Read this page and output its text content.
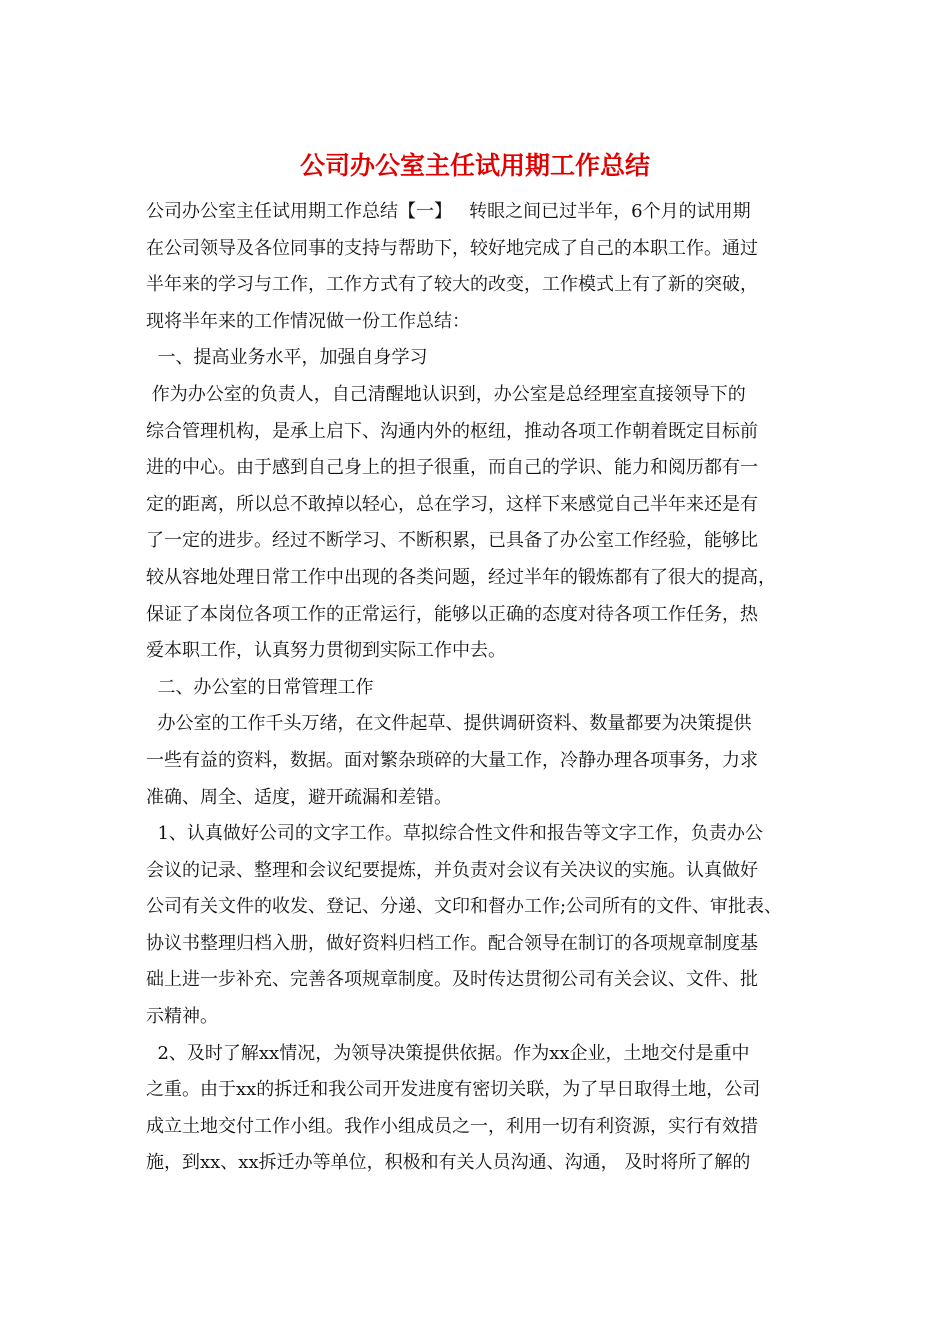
公司办公室主任试用期工作总结
公司办公室主任试用期工作总结【一】   转眼之间已过半年，6个月的试用期
在公司领导及各位同事的支持与帮助下，较好地完成了自己的本职工作。通过
半年来的学习与工作，工作方式有了较大的改变，工作模式上有了新的突破，
现将半年来的工作情况做一份工作总结：
一、提高业务水平，加强自身学习
作为办公室的负责人，自己清醒地认识到，办公室是总经理室直接领导下的
综合管理机构，是承上启下、沟通内外的枢纽，推动各项工作朝着既定目标前
进的中心。由于感到自己身上的担子很重，而自己的学识、能力和阅历都有一
定的距离，所以总不敢掉以轻心，总在学习，这样下来感觉自己半年来还是有
了一定的进步。经过不断学习、不断积累，已具备了办公室工作经验，能够比
较从容地处理日常工作中出现的各类问题，经过半年的锻炼都有了很大的提高，
保证了本岗位各项工作的正常运行，能够以正确的态度对待各项工作任务，热
爱本职工作，认真努力贯彻到实际工作中去。
二、办公室的日常管理工作
办公室的工作千头万绪，在文件起草、提供调研资料、数量都要为决策提供
一些有益的资料，数据。面对繁杂琐碎的大量工作，冷静办理各项事务，力求
准确、周全、适度，避开疏漏和差错。
1、认真做好公司的文字工作。草拟综合性文件和报告等文字工作，负责办公
会议的记录、整理和会议纪要提炼，并负责对会议有关决议的实施。认真做好
公司有关文件的收发、登记、分递、文印和督办工作;公司所有的文件、审批表、
协议书整理归档入册，做好资料归档工作。配合领导在制订的各项规章制度基
础上进一步补充、完善各项规章制度。及时传达贯彻公司有关会议、文件、批
示精神。
2、及时了解xx情况，为领导决策提供依据。作为xx企业，土地交付是重中
之重。由于xx的拆迁和我公司开发进度有密切关联，为了早日取得土地，公司
成立土地交付工作小组。我作小组成员之一，利用一切有利资源，实行有效措
施，到xx、xx拆迁办等单位，积极和有关人员沟通、沟通， 及时将所了解的
